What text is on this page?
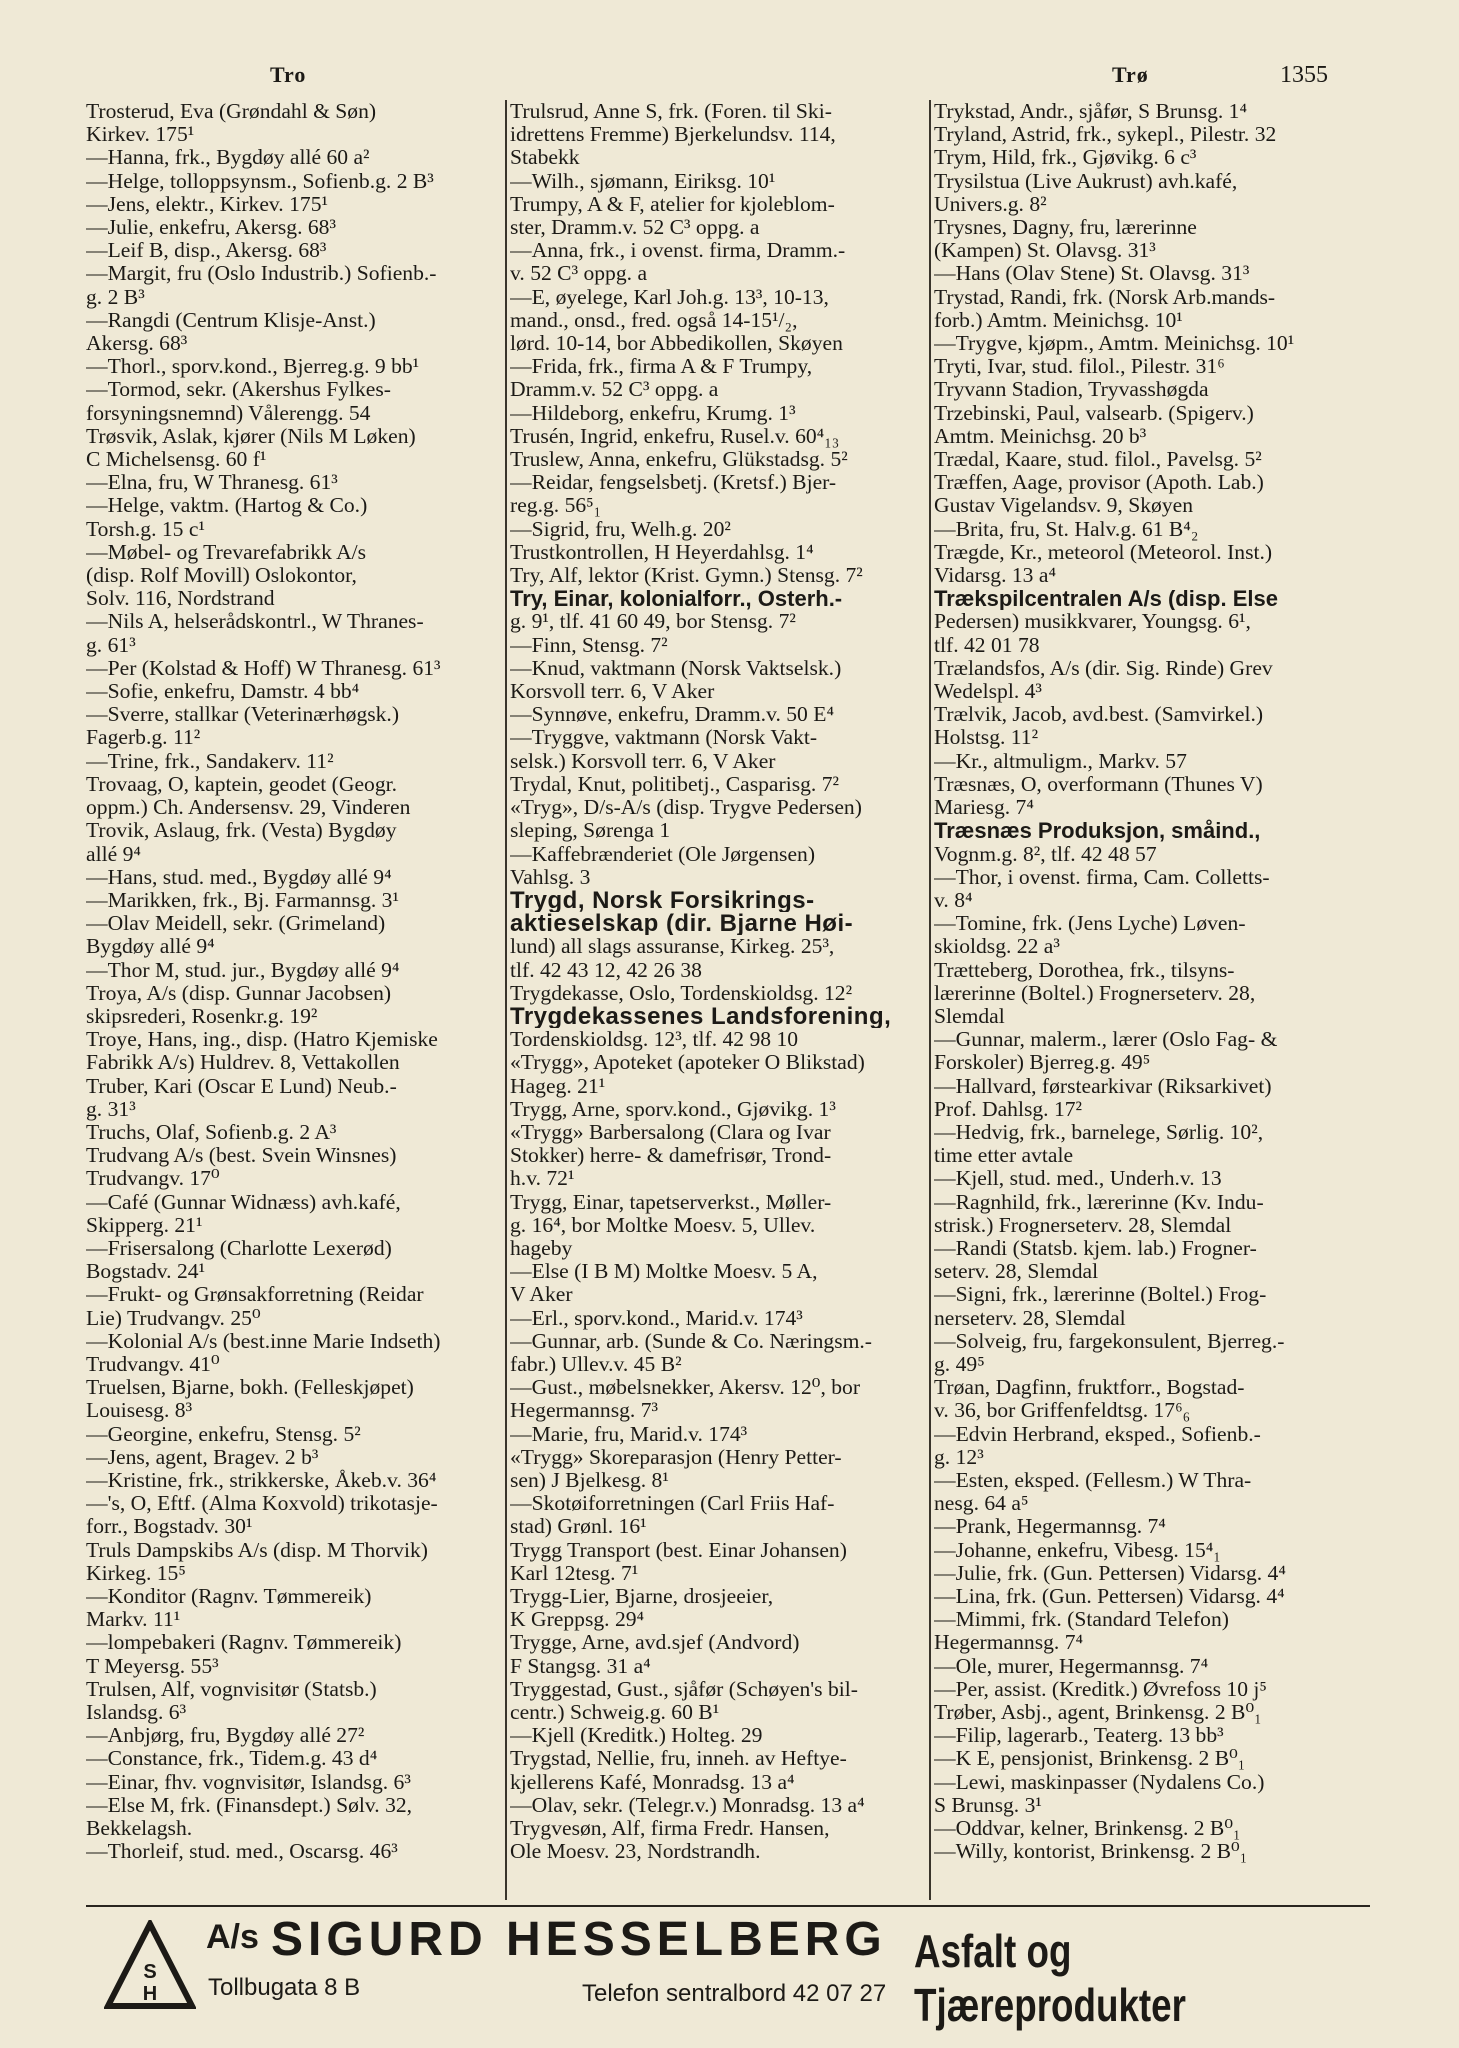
Tro	Trø	1355
Trosterud, Eva (Grøndahl & Søn)
Kirkev. 175¹
—Hanna, frk., Bygdøy allé 60 a²
—Helge, tolloppsynsm., Sofienb.g. 2 B³
—Jens, elektr., Kirkev. 175¹
—Julie, enkefru, Akersg. 68³
—Leif B, disp., Akersg. 68³
—Margit, fru (Oslo Industrib.) Sofienb.-
g. 2 B³
—Rangdi (Centrum Klisje-Anst.)
Akersg. 68³
—Thorl., sporv.kond., Bjerreg.g. 9 bb¹
—Tormod, sekr. (Akershus Fylkes-
forsyningsnemnd) Vålerengg. 54
Trøsvik, Aslak, kjører (Nils M Løken)
C Michelsensg. 60 f¹
—Elna, fru, W Thranesg. 61³
—Helge, vaktm. (Hartog & Co.)
Torsh.g. 15 c¹
—Møbel- og Trevarefabrikk A/s
(disp. Rolf Movill) Oslokontor,
Solv. 116, Nordstrand
—Nils A, helserådskontrl., W Thranes-
g. 61³
—Per (Kolstad & Hoff) W Thranesg. 61³
—Sofie, enkefru, Damstr. 4 bb⁴
—Sverre, stallkar (Veterinærhøgsk.)
Fagerb.g. 11²
—Trine, frk., Sandakerv. 11²
Trovaag, O, kaptein, geodet (Geogr.
oppm.) Ch. Andersensv. 29, Vinderen
Trovik, Aslaug, frk. (Vesta) Bygdøy
allé 9⁴
—Hans, stud. med., Bygdøy allé 9⁴
—Marikken, frk., Bj. Farmannsg. 3¹
—Olav Meidell, sekr. (Grimeland)
Bygdøy allé 9⁴
—Thor M, stud. jur., Bygdøy allé 9⁴
Troya, A/s (disp. Gunnar Jacobsen)
skipsrederi, Rosenkr.g. 19²
Troye, Hans, ing., disp. (Hatro Kjemiske
Fabrikk A/s) Huldrev. 8, Vettakollen
Truber, Kari (Oscar E Lund) Neub.-
g. 31³
Truchs, Olaf, Sofienb.g. 2 A³
Trudvang A/s (best. Svein Winsnes)
Trudvangv. 17⁰
—Café (Gunnar Widnæss) avh.kafé,
Skipperg. 21¹
—Frisersalong (Charlotte Lexerød)
Bogstadv. 24¹
—Frukt- og Grønsakforretning (Reidar
Lie) Trudvangv. 25⁰
—Kolonial A/s (best.inne Marie Indseth)
Trudvangv. 41⁰
Truelsen, Bjarne, bokh. (Felleskjøpet)
Louisesg. 8³
—Georgine, enkefru, Stensg. 5²
—Jens, agent, Bragev. 2 b³
—Kristine, frk., strikkerske, Åkeb.v. 36⁴
—'s, O, Eftf. (Alma Koxvold) trikotasje-
forr., Bogstadv. 30¹
Truls Dampskibs A/s (disp. M Thorvik)
Kirkeg. 15⁵
—Konditor (Ragnv. Tømmereik)
Markv. 11¹
—lompebakeri (Ragnv. Tømmereik)
T Meyersg. 55³
Trulsen, Alf, vognvisitør (Statsb.)
Islandsg. 6³
—Anbjørg, fru, Bygdøy allé 27²
—Constance, frk., Tidem.g. 43 d⁴
—Einar, fhv. vognvisitør, Islandsg. 6³
—Else M, frk. (Finansdept.) Sølv. 32,
Bekkelagsh.
—Thorleif, stud. med., Oscarsg. 46³
Trulsrud, Anne S, frk. (Foren. til Ski-
idrettens Fremme) Bjerkelundsv. 114,
Stabekk
—Wilh., sjømann, Eiriksg. 10¹
Trumpy, A & F, atelier for kjoleblom-
ster, Dramm.v. 52 C³ oppg. a
—Anna, frk., i ovenst. firma, Dramm.-
v. 52 C³ oppg. a
—E, øyelege, Karl Joh.g. 13³, 10-13,
mand., onsd., fred. også 14-15¹/₂,
lørd. 10-14, bor Abbedikollen, Skøyen
—Frida, frk., firma A & F Trumpy,
Dramm.v. 52 C³ oppg. a
—Hildeborg, enkefru, Krumg. 1³
Trusén, Ingrid, enkefru, Rusel.v. 60⁴₁₃
Truslew, Anna, enkefru, Glükstadsg. 5²
—Reidar, fengselsbetj. (Kretsf.) Bjer-
reg.g. 56⁵₁
—Sigrid, fru, Welh.g. 20²
Trustkontrollen, H Heyerdahlsg. 1⁴
Try, Alf, lektor (Krist. Gymn.) Stensg. 7²
Try, Einar, kolonialforr., Osterh.-
g. 9¹, tlf. 41 60 49, bor Stensg. 7²
—Finn, Stensg. 7²
—Knud, vaktmann (Norsk Vaktselsk.)
Korsvoll terr. 6, V Aker
—Synnøve, enkefru, Dramm.v. 50 E⁴
—Tryggve, vaktmann (Norsk Vakt-
selsk.) Korsvoll terr. 6, V Aker
Trydal, Knut, politibetj., Casparisg. 7²
«Tryg», D/s-A/s (disp. Trygve Pedersen)
sleping, Sørenga 1
—Kaffebrænderiet (Ole Jørgensen)
Vahlsg. 3
Trygd, Norsk Forsikrings-
aktieselskap (dir. Bjarne Høi-
lund) all slags assuranse, Kirkeg. 25³,
tlf. 42 43 12, 42 26 38
Trygdekasse, Oslo, Tordenskioldsg. 12²
Trygdekassenes Landsforening,
Tordenskioldsg. 12³, tlf. 42 98 10
«Trygg», Apoteket (apoteker O Blikstad)
Hageg. 21¹
Trygg, Arne, sporv.kond., Gjøvikg. 1³
«Trygg» Barbersalong (Clara og Ivar
Stokker) herre- & damefrisør, Trond-
h.v. 72¹
Trygg, Einar, tapetserverkst., Møller-
g. 16⁴, bor Moltke Moesv. 5, Ullev.
hageby
—Else (I B M) Moltke Moesv. 5 A,
V Aker
—Erl., sporv.kond., Marid.v. 174³
—Gunnar, arb. (Sunde & Co. Næringsm.-
fabr.) Ullev.v. 45 B²
—Gust., møbelsnekker, Akersv. 12⁰, bor
Hegermannsg. 7³
—Marie, fru, Marid.v. 174³
«Trygg» Skoreparasjon (Henry Petter-
sen) J Bjelkesg. 8¹
—Skotøiforretningen (Carl Friis Haf-
stad) Grønl. 16¹
Trygg Transport (best. Einar Johansen)
Karl 12tesg. 7¹
Trygg-Lier, Bjarne, drosjeeier,
K Greppsg. 29⁴
Trygge, Arne, avd.sjef (Andvord)
F Stangsg. 31 a⁴
Tryggestad, Gust., sjåfør (Schøyen's bil-
centr.) Schweig.g. 60 B¹
—Kjell (Kreditk.) Holteg. 29
Trygstad, Nellie, fru, inneh. av Heftye-
kjellerens Kafé, Monradsg. 13 a⁴
—Olav, sekr. (Telegr.v.) Monradsg. 13 a⁴
Trygvesøn, Alf, firma Fredr. Hansen,
Ole Moesv. 23, Nordstrandh.
Trykstad, Andr., sjåfør, S Brunsg. 1⁴
Tryland, Astrid, frk., sykepl., Pilestr. 32
Trym, Hild, frk., Gjøvikg. 6 c³
Trysilstua (Live Aukrust) avh.kafé,
Univers.g. 8²
Trysnes, Dagny, fru, lærerinne
(Kampen) St. Olavsg. 31³
—Hans (Olav Stene) St. Olavsg. 31³
Trystad, Randi, frk. (Norsk Arb.mands-
forb.) Amtm. Meinichsg. 10¹
—Trygve, kjøpm., Amtm. Meinichsg. 10¹
Tryti, Ivar, stud. filol., Pilestr. 31⁶
Tryvann Stadion, Tryvasshøgda
Trzebinski, Paul, valsearb. (Spigerv.)
Amtm. Meinichsg. 20 b³
Trædal, Kaare, stud. filol., Pavelsg. 5²
Træffen, Aage, provisor (Apoth. Lab.)
Gustav Vigelandsv. 9, Skøyen
—Brita, fru, St. Halv.g. 61 B⁴₂
Trægde, Kr., meteorol (Meteorol. Inst.)
Vidarsg. 13 a⁴
Trækspilcentralen A/s (disp. Else
Pedersen) musikkvarer, Youngsg. 6¹,
tlf. 42 01 78
Trælandsfos, A/s (dir. Sig. Rinde) Grev
Wedelspl. 4³
Trælvik, Jacob, avd.best. (Samvirkel.)
Holstsg. 11²
—Kr., altmuligm., Markv. 57
Træsnæs, O, overformann (Thunes V)
Mariesg. 7⁴
Træsnæs Produksjon, småind.,
Vognm.g. 8², tlf. 42 48 57
—Thor, i ovenst. firma, Cam. Colletts-
v. 8⁴
—Tomine, frk. (Jens Lyche) Løven-
skioldsg. 22 a³
Trætteberg, Dorothea, frk., tilsyns-
lærerinne (Boltel.) Frognerseterv. 28,
Slemdal
—Gunnar, malerm., lærer (Oslo Fag- &
Forskoler) Bjerreg.g. 49⁵
—Hallvard, førstearkivar (Riksarkivet)
Prof. Dahlsg. 17²
—Hedvig, frk., barnelege, Sørlig. 10²,
time etter avtale
—Kjell, stud. med., Underh.v. 13
—Ragnhild, frk., lærerinne (Kv. Indu-
strisk.) Frognerseterv. 28, Slemdal
—Randi (Statsb. kjem. lab.) Frogner-
seterv. 28, Slemdal
—Signi, frk., lærerinne (Boltel.) Frog-
nerseterv. 28, Slemdal
—Solveig, fru, fargekonsulent, Bjerreg.-
g. 49⁵
Trøan, Dagfinn, fruktforr., Bogstad-
v. 36, bor Griffenfeldtsg. 17⁶₆
—Edvin Herbrand, eksped., Sofienb.-
g. 12³
—Esten, eksped. (Fellesm.) W Thra-
nesg. 64 a⁵
—Prank, Hegermannsg. 7⁴
—Johanne, enkefru, Vibesg. 15⁴₁
—Julie, frk. (Gun. Pettersen) Vidarsg. 4⁴
—Lina, frk. (Gun. Pettersen) Vidarsg. 4⁴
—Mimmi, frk. (Standard Telefon)
Hegermannsg. 7⁴
—Ole, murer, Hegermannsg. 7⁴
—Per, assist. (Kreditk.) Øvrefoss 10 j⁵
Trøber, Asbj., agent, Brinkensg. 2 B⁰₁
—Filip, lagerarb., Teaterg. 13 bb³
—K E, pensjonist, Brinkensg. 2 B⁰₁
—Lewi, maskinpasser (Nydalens Co.)
S Brunsg. 3¹
—Oddvar, kelner, Brinkensg. 2 B⁰₁
—Willy, kontorist, Brinkensg. 2 B⁰₁
S
H
A/s SIGURD HESSELBERG
Tollbugata 8 B	Telefon sentralbord 42 07 27
Asfalt og Tjæreprodukter
